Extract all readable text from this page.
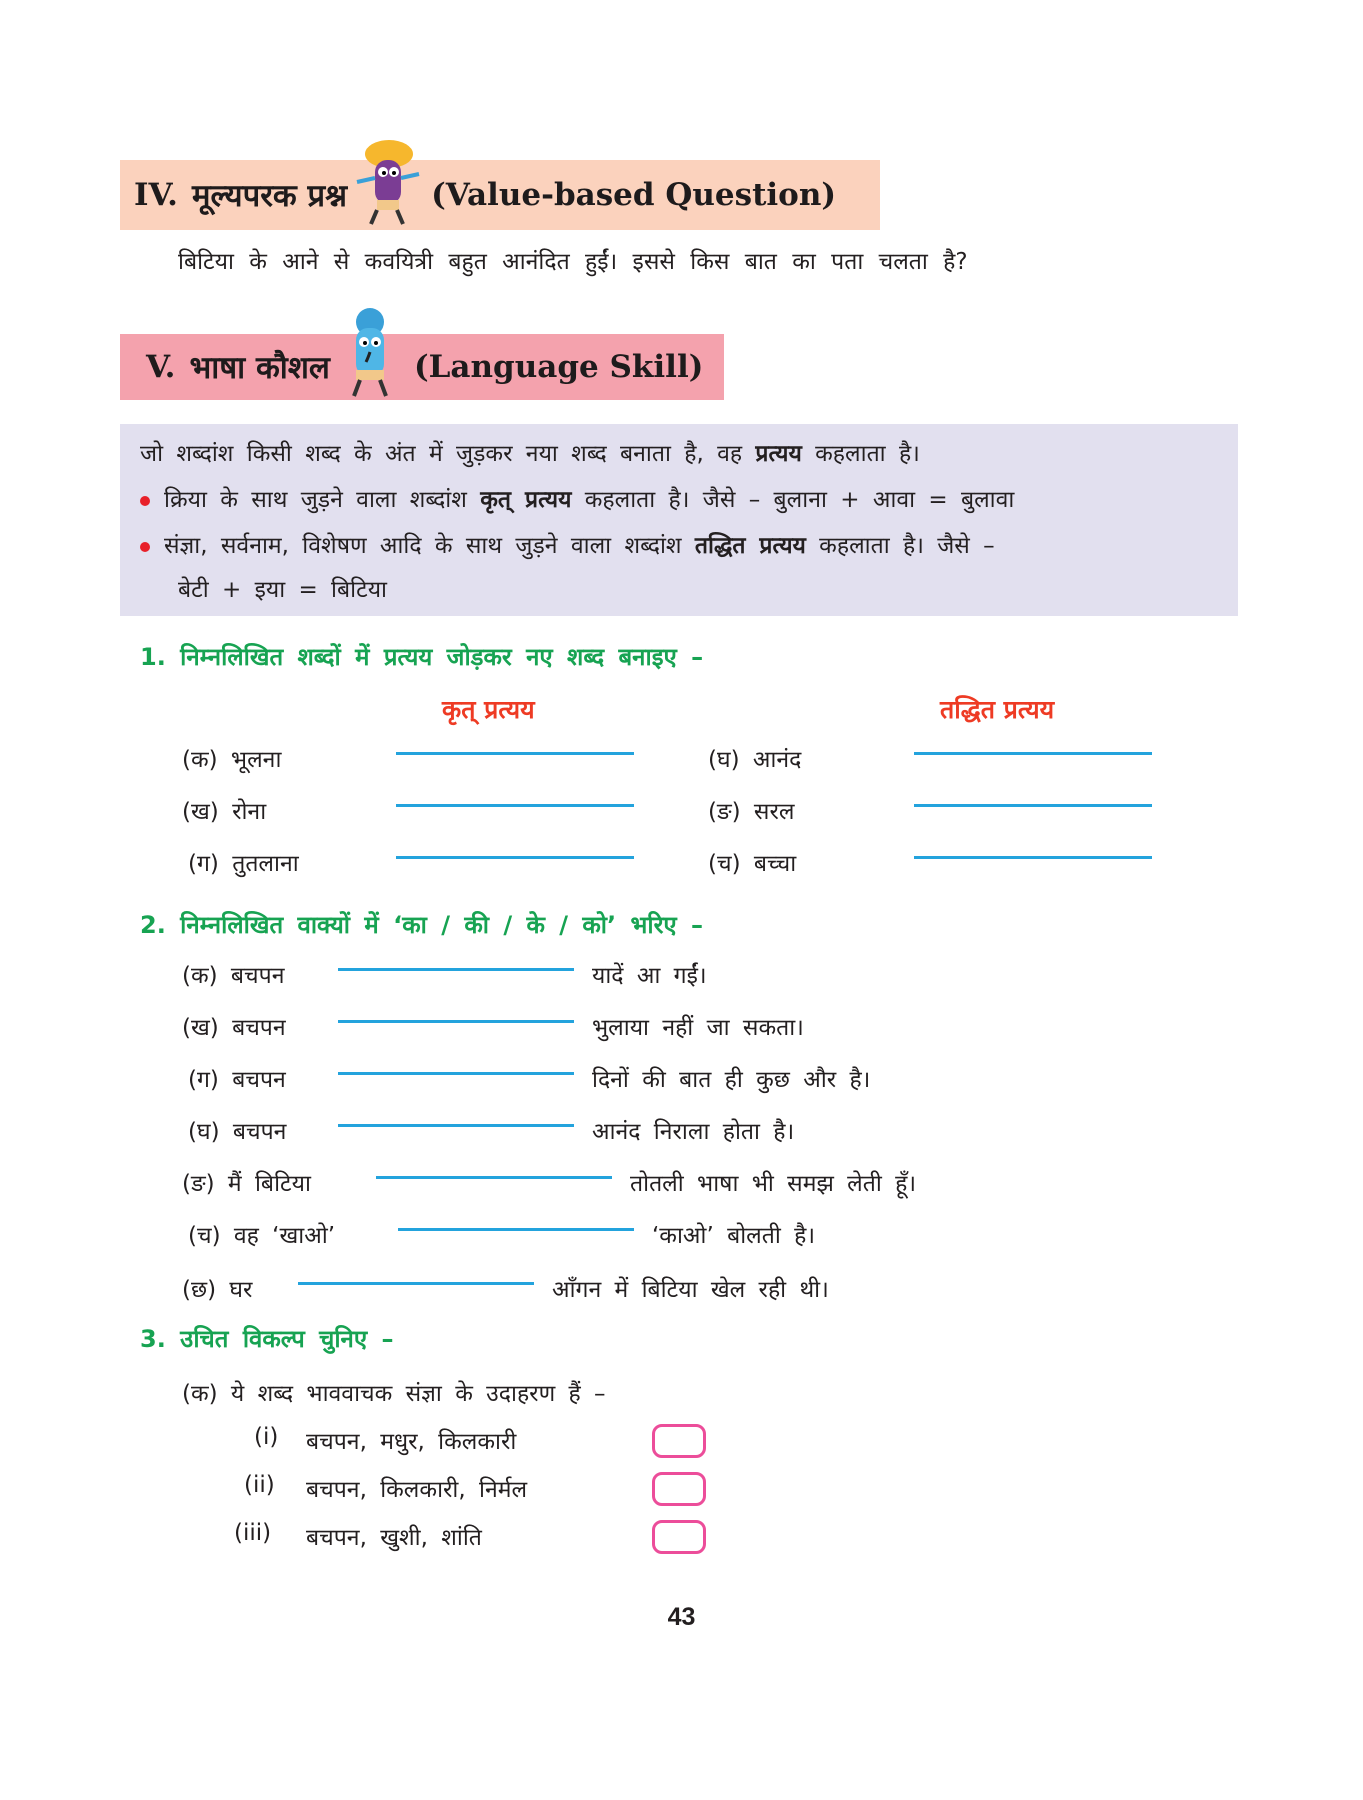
IV. मूल्यपरक प्रश्न	(Value-based Question)
बिटिया के आने से कवयित्री बहुत आनंदित हुईं। इससे किस बात का पता चलता है?
V. भाषा कौशल	(Language Skill)
जो शब्दांश किसी शब्द के अंत में जुड़कर नया शब्द बनाता है, वह प्रत्यय कहलाता है।
क्रिया के साथ जुड़ने वाला शब्दांश कृत् प्रत्यय कहलाता है। जैसे – बुलाना + आवा = बुलावा
संज्ञा, सर्वनाम, विशेषण आदि के साथ जुड़ने वाला शब्दांश तद्धित प्रत्यय कहलाता है। जैसे –
बेटी + इया = बिटिया
1. निम्नलिखित शब्दों में प्रत्यय जोड़कर नए शब्द बनाइए –
कृत् प्रत्यय	तद्धित प्रत्यय
(क) भूलना	(घ) आनंद
(ख) रोना	(ङ) सरल
(ग) तुतलाना	(च) बच्चा
2. निम्नलिखित वाक्यों में ‘का / की / के / को’ भरिए –
(क) बचपन	यादें आ गईं।
(ख) बचपन	भुलाया नहीं जा सकता।
(ग) बचपन	दिनों की बात ही कुछ और है।
(घ) बचपन	आनंद निराला होता है।
(ङ) मैं बिटिया	तोतली भाषा भी समझ लेती हूँ।
(च) वह ‘खाओ’	‘काओ’ बोलती है।
(छ) घर	आँगन में बिटिया खेल रही थी।
3. उचित विकल्प चुनिए –
(क) ये शब्द भाववाचक संज्ञा के उदाहरण हैं –
(i) बचपन, मधुर, किलकारी
(ii) बचपन, किलकारी, निर्मल
(iii) बचपन, खुशी, शांति
43
